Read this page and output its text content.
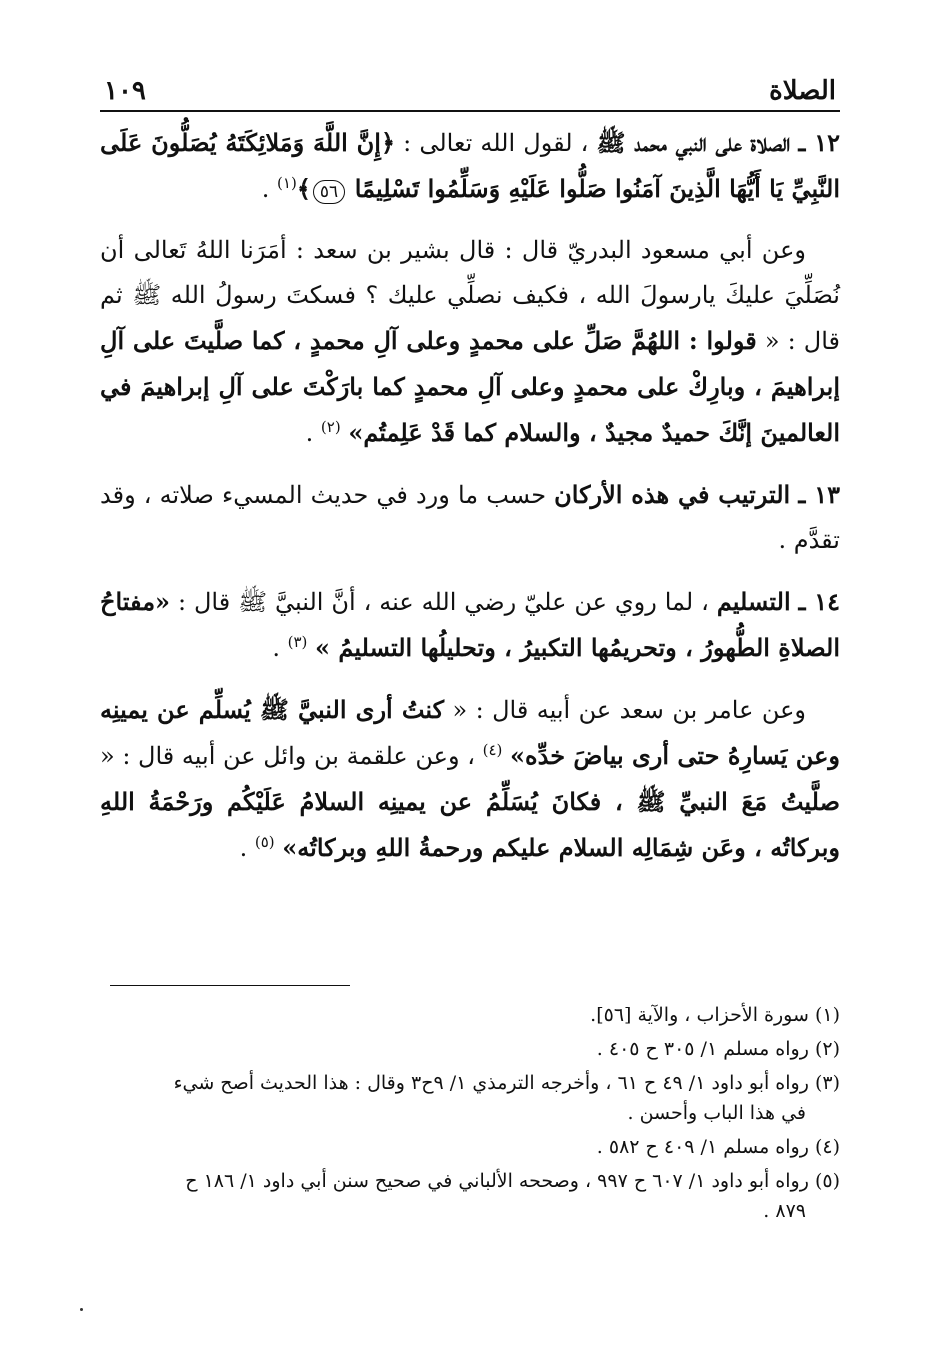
الصلاة
١٠٩

١٢ ـ الصلاة على النبي محمد ﷺ ، لقول الله تعالى : ﴿إِنَّ اللَّهَ وَمَلائِكَتَهُ يُصَلُّونَ عَلَى النَّبِيِّ يَا أَيُّهَا الَّذِينَ آمَنُوا صَلُّوا عَلَيْهِ وَسَلِّمُوا تَسْلِيمًا ٥٦﴾$^{(١)}$ .

وعن أبي مسعود البدريّ قال : قال بشير بن سعد : أمَرَنا اللهُ تَعالى أن نُصَلِّيَ عليكَ يارسولَ الله ، فكيف نصلِّي عليك ؟ فسكتَ رسولُ الله ﷺ ثم قال : « قولوا : اللهُمَّ صَلِّ على محمدٍ وعلى آلِ محمدٍ ، كما صلَّيتَ على آلِ إبراهيمَ ، وبارِكْ على محمدٍ وعلى آلِ محمدٍ كما بارَكْتَ على آلِ إبراهيمَ في العالمينَ إنَّكَ حميدٌ مجيدٌ ، والسلام كما قَدْ عَلِمتُم» $^{(٢)}$ .

١٣ ـ الترتيب في هذه الأركان حسب ما ورد في حديث المسيء صلاته ، وقد تقدَّم .

١٤ ـ التسليم ، لما روي عن عليّ رضي الله عنه ، أنَّ النبيَّ ﷺ قال : «مفتاحُ الصلاةِ الطُّهورُ ، وتحريمُها التكبيرُ ، وتحليلُها التسليمُ » $^{(٣)}$ .

وعن عامر بن سعد عن أبيه قال : « كنتُ أرى النبيَّ ﷺ يُسلِّم عن يمينِه وعن يَسارِهُ حتى أرى بياضَ خدِّه» $^{(٤)}$ ، وعن علقمة بن وائل عن أبيه قال : « صلَّيتُ مَعَ النبيِّ ﷺ ، فكانَ يُسَلِّمُ عن يمينِه السلامُ عَلَيْكُم ورَحْمَةُ اللهِ وبركاتُه ، وعَن شِمَالِه السلام عليكم ورحمةُ اللهِ وبركاتُه» $^{(٥)}$ .

(١) سورة الأحزاب ، والآية [٥٦].
(٢) رواه مسلم ١/ ٣٠٥ ح ٤٠٥ .
(٣) رواه أبو داود ١/ ٤٩ ح ٦١ ، وأخرجه الترمذي ١/ ٩ح٣ وقال : هذا الحديث أصح شيء
في هذا الباب وأحسن .
(٤) رواه مسلم ١/ ٤٠٩ ح ٥٨٢ .
(٥) رواه أبو داود ١/ ٦٠٧ ح ٩٩٧ ، وصححه الألباني في صحيح سنن أبي داود ١/ ١٨٦ ح
٨٧٩ .
